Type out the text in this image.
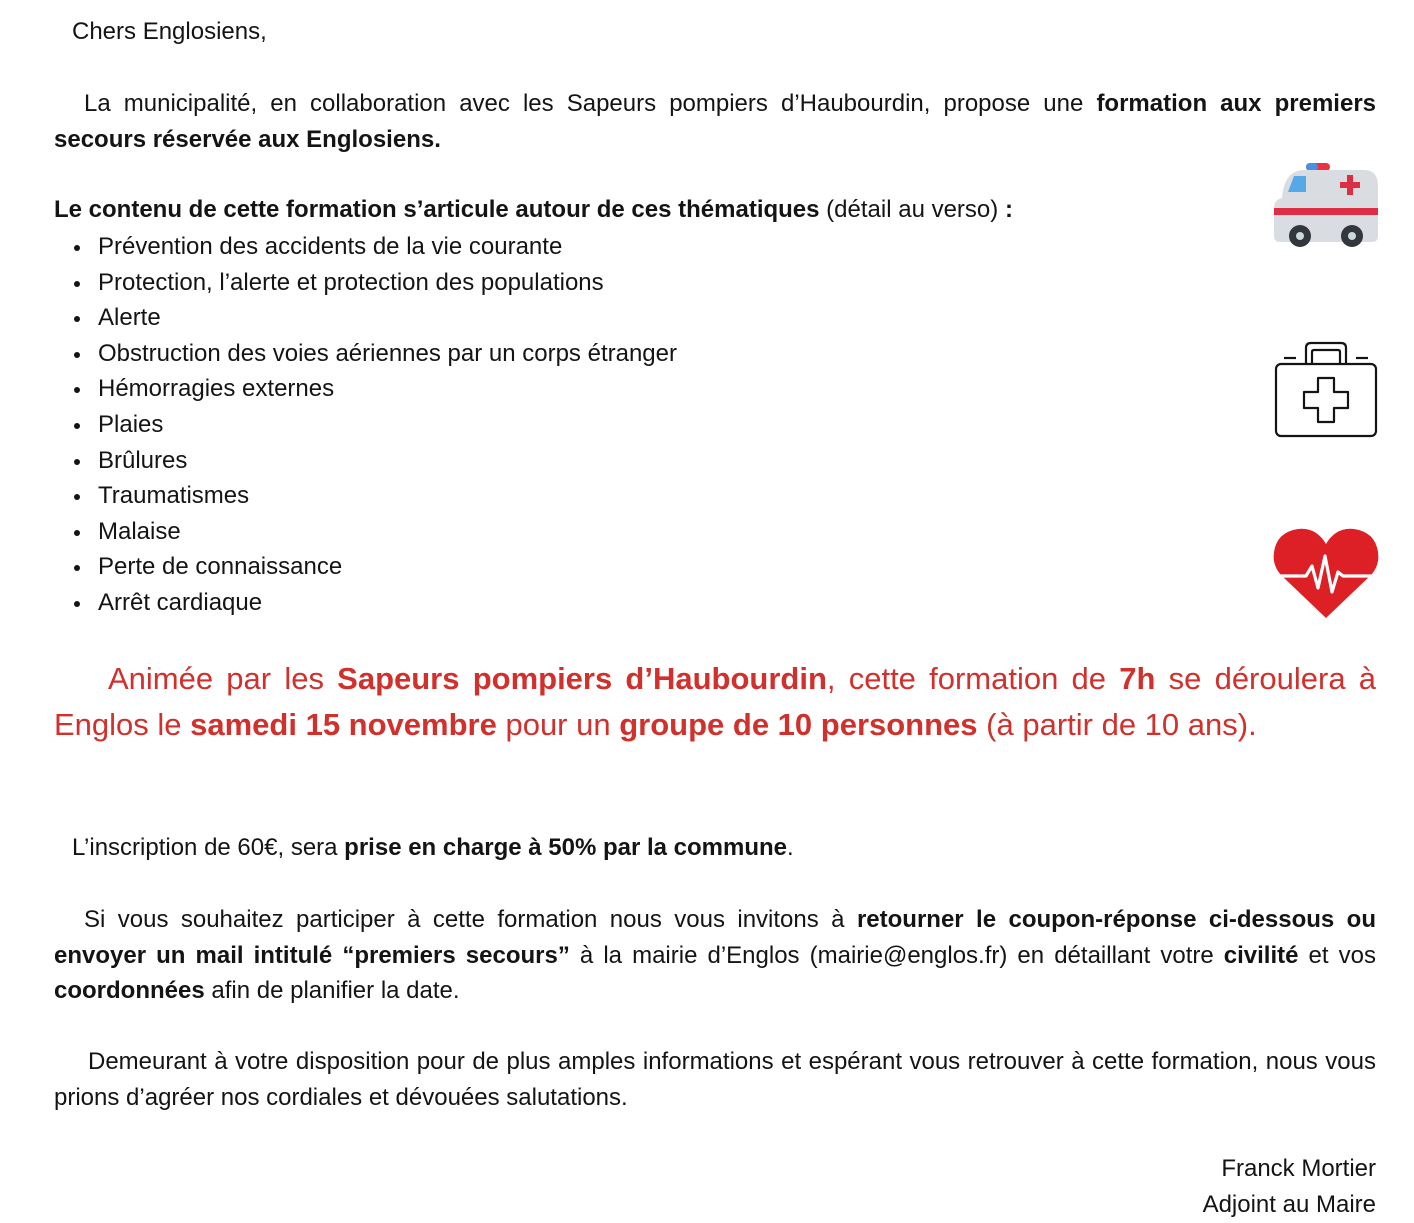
Chers Englosiens,

La municipalité, en collaboration avec les Sapeurs pompiers d’Haubourdin, propose une formation aux premiers secours réservée aux Englosiens.

Le contenu de cette formation s’articule autour de ces thématiques (détail au verso) :

Prévention des accidents de la vie courante
Protection, l’alerte et protection des populations
Alerte
Obstruction des voies aériennes par un corps étranger
Hémorragies externes
Plaies
Brûlures
Traumatismes
Malaise
Perte de connaissance
Arrêt cardiaque

Animée par les Sapeurs pompiers d’Haubourdin, cette formation de 7h se déroulera à Englos le samedi 15 novembre pour un groupe de 10 personnes (à partir de 10 ans).

L’inscription de 60€, sera prise en charge à 50% par la commune.

Si vous souhaitez participer à cette formation nous vous invitons à retourner le coupon-réponse ci-dessous ou envoyer un mail intitulé “premiers secours” à la mairie d’Englos (mairie@englos.fr) en détaillant votre civilité et vos coordonnées afin de planifier la date.

Demeurant à votre disposition pour de plus amples informations et espérant vous retrouver à cette formation, nous vous prions d’agréer nos cordiales et dévouées salutations.

Franck Mortier
Adjoint au Maire
